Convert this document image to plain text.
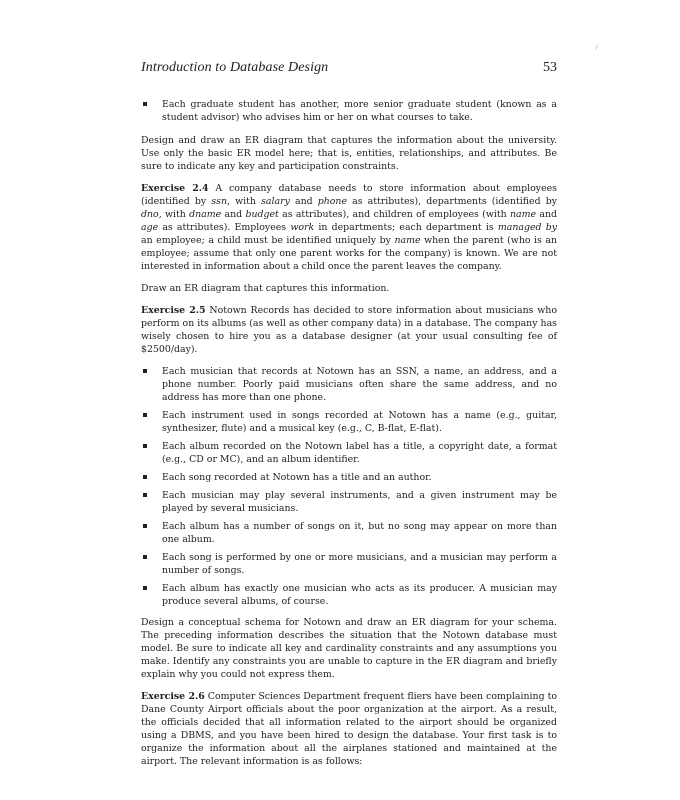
Introduction to Database Design	53
Each graduate student has another, more senior graduate student (known as a student advisor) who advises him or her on what courses to take.

Design and draw an ER diagram that captures the information about the university. Use only the basic ER model here; that is, entities, relationships, and attributes. Be sure to indicate any key and participation constraints.

Exercise 2.4 A company database needs to store information about employees (identified by ssn, with salary and phone as attributes), departments (identified by dno, with dname and budget as attributes), and children of employees (with name and age as attributes). Employees work in departments; each department is managed by an employee; a child must be identified uniquely by name when the parent (who is an employee; assume that only one parent works for the company) is known. We are not interested in information about a child once the parent leaves the company.

Draw an ER diagram that captures this information.

Exercise 2.5 Notown Records has decided to store information about musicians who perform on its albums (as well as other company data) in a database. The company has wisely chosen to hire you as a database designer (at your usual consulting fee of $2500/day).

Each musician that records at Notown has an SSN, a name, an address, and a phone number. Poorly paid musicians often share the same address, and no address has more than one phone.
Each instrument used in songs recorded at Notown has a name (e.g., guitar, synthesizer, flute) and a musical key (e.g., C, B-flat, E-flat).
Each album recorded on the Notown label has a title, a copyright date, a format (e.g., CD or MC), and an album identifier.
Each song recorded at Notown has a title and an author.
Each musician may play several instruments, and a given instrument may be played by several musicians.
Each album has a number of songs on it, but no song may appear on more than one album.
Each song is performed by one or more musicians, and a musician may perform a number of songs.
Each album has exactly one musician who acts as its producer. A musician may produce several albums, of course.

Design a conceptual schema for Notown and draw an ER diagram for your schema. The preceding information describes the situation that the Notown database must model. Be sure to indicate all key and cardinality constraints and any assumptions you make. Identify any constraints you are unable to capture in the ER diagram and briefly explain why you could not express them.

Exercise 2.6 Computer Sciences Department frequent fliers have been complaining to Dane County Airport officials about the poor organization at the airport. As a result, the officials decided that all information related to the airport should be organized using a DBMS, and you have been hired to design the database. Your first task is to organize the information about all the airplanes stationed and maintained at the airport. The relevant information is as follows:
